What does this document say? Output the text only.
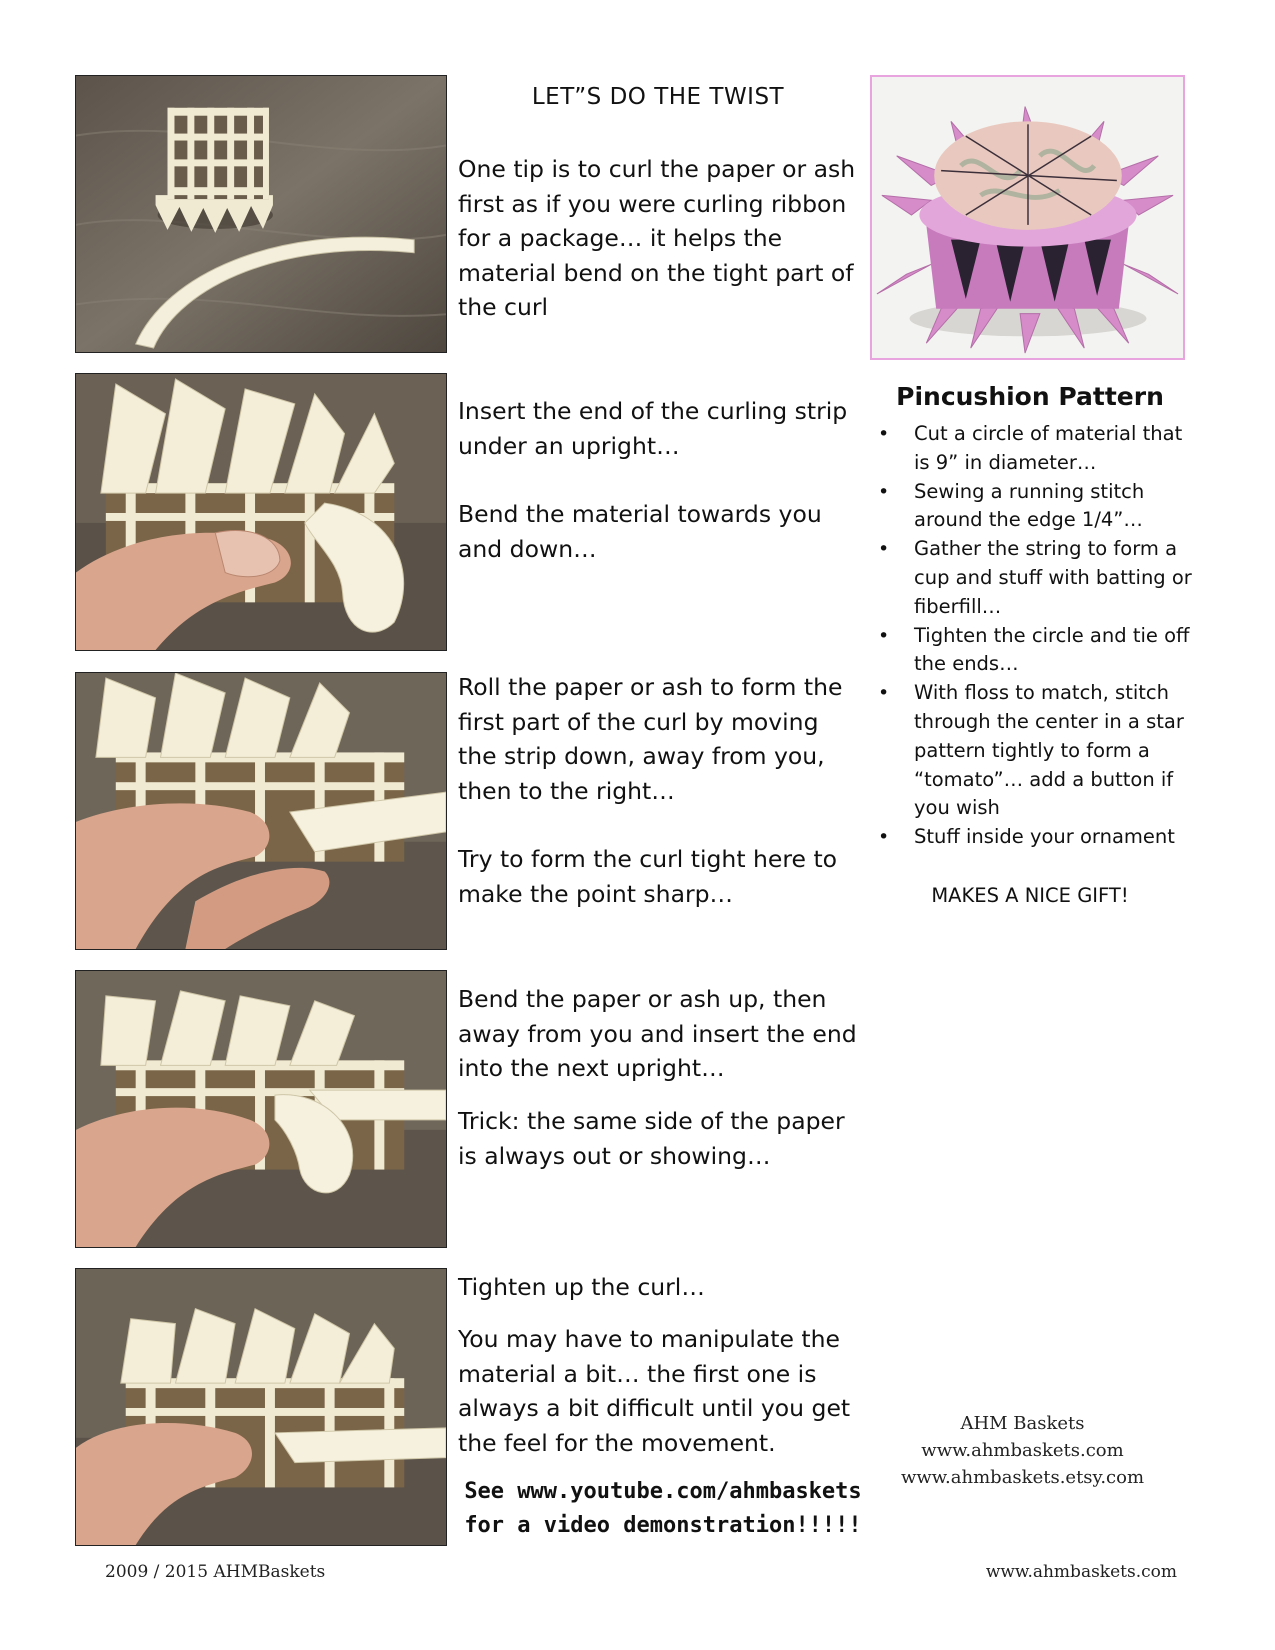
LET”S DO THE TWIST

One tip is to curl the paper or ash first as if you were curling ribbon for a package… it helps the material bend on the tight part of the curl

Insert the end of the curling strip under an upright…

Bend the material towards you and down…

Roll the paper or ash to form the first part of the curl by moving the strip down, away from you, then to the right…

Try to form the curl tight here to make the point sharp…

Bend the paper or ash up, then away from you and insert the end into the next upright…

Trick: the same side of the paper is always out or showing…

Tighten up the curl…

You may have to manipulate the material a bit… the first one is always a bit difficult until you get the feel for the movement.

See www.youtube.com/ahmbaskets
for a video demonstration!!!!!
Pincushion Pattern
• Cut a circle of material that is 9” in diameter…
• Sewing a running stitch around the edge 1/4”…
• Gather the string to form a cup and stuff with batting or fiberfill…
• Tighten the circle and tie off the ends…
• With floss to match, stitch through the center in a star pattern tightly to form a “tomato”… add a button if you wish
• Stuff inside your ornament
MAKES A NICE GIFT!
AHM Baskets
www.ahmbaskets.com
www.ahmbaskets.etsy.com
2009 / 2015 AHMBaskets	www.ahmbaskets.com
